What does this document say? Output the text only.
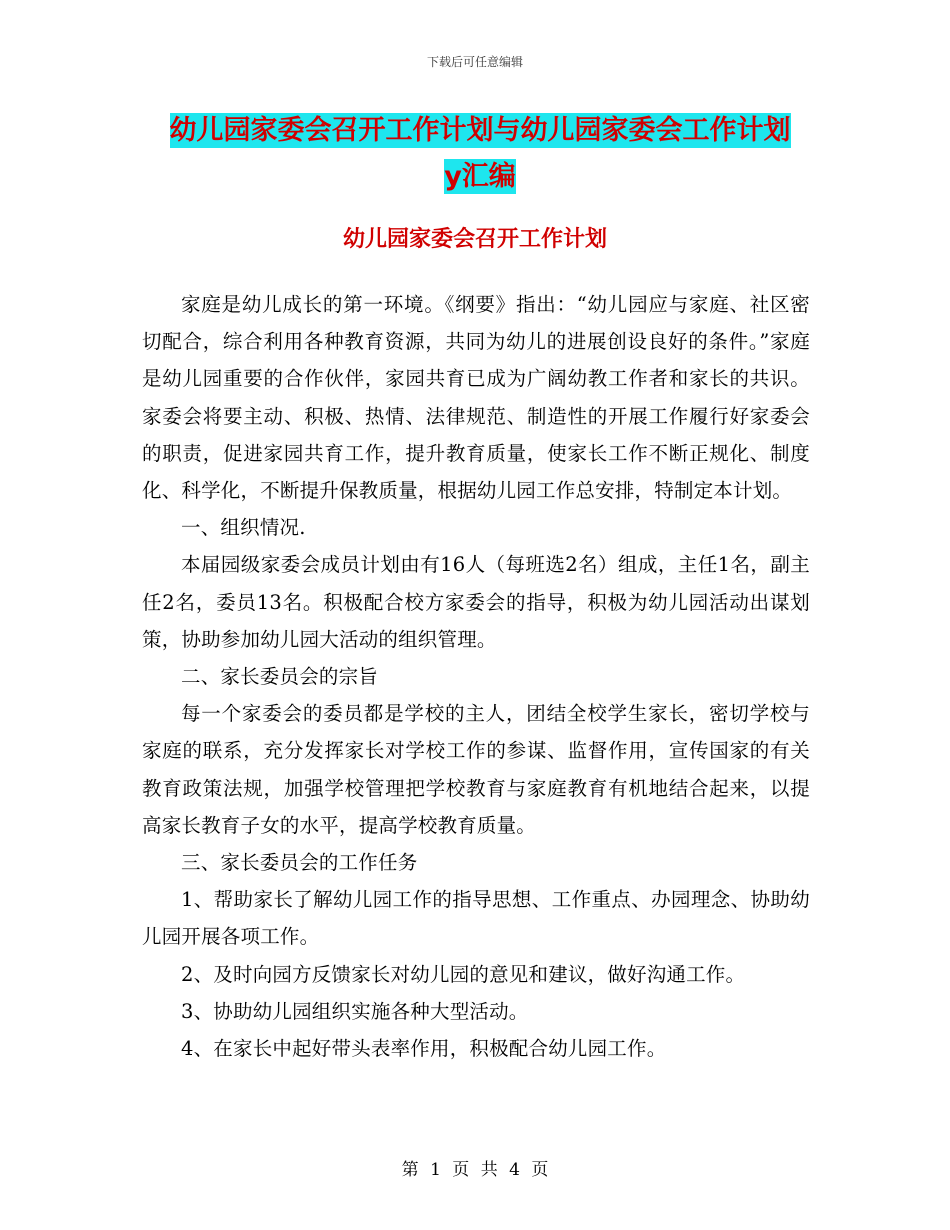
下载后可任意编辑
幼儿园家委会召开工作计划与幼儿园家委会工作计划
y汇编
幼儿园家委会召开工作计划

家庭是幼儿成长的第一环境。《纲要》指出：“幼儿园应与家庭、社区密切配合，综合利用各种教育资源，共同为幼儿的进展创设良好的条件。”家庭是幼儿园重要的合作伙伴，家园共育已成为广阔幼教工作者和家长的共识。家委会将要主动、积极、热情、法律规范、制造性的开展工作履行好家委会的职责，促进家园共育工作，提升教育质量，使家长工作不断正规化、制度化、科学化，不断提升保教质量，根据幼儿园工作总安排，特制定本计划。

一、组织情况.

本届园级家委会成员计划由有16人（每班选2名）组成，主任1名，副主任2名，委员13名。积极配合校方家委会的指导，积极为幼儿园活动出谋划策，协助参加幼儿园大活动的组织管理。

二、家长委员会的宗旨

每一个家委会的委员都是学校的主人，团结全校学生家长，密切学校与家庭的联系，充分发挥家长对学校工作的参谋、监督作用，宣传国家的有关教育政策法规，加强学校管理把学校教育与家庭教育有机地结合起来，以提高家长教育子女的水平，提高学校教育质量。

三、家长委员会的工作任务

1、帮助家长了解幼儿园工作的指导思想、工作重点、办园理念、协助幼儿园开展各项工作。

2、及时向园方反馈家长对幼儿园的意见和建议，做好沟通工作。

3、协助幼儿园组织实施各种大型活动。

4、在家长中起好带头表率作用，积极配合幼儿园工作。

第 1 页 共 4 页
